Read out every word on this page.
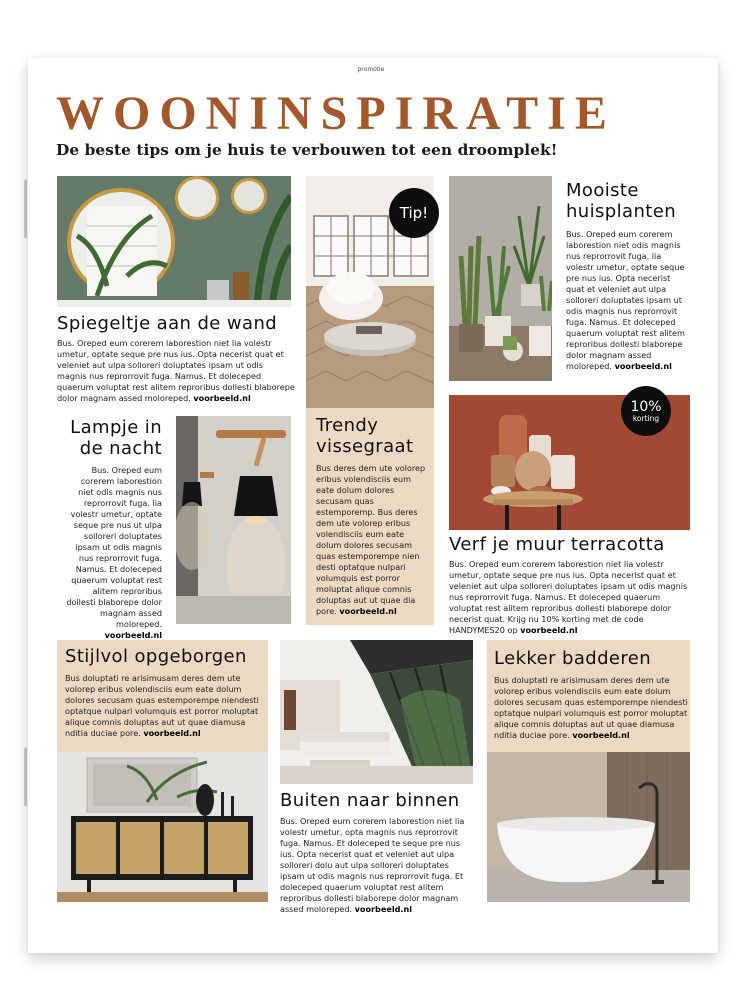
promotie
WOONINSPIRATIE
De beste tips om je huis te verbouwen tot een droomplek!
Spiegeltje aan de wand
Bus. Oreped eum corerem laborestion niet lia volestr umetur, optate seque pre nus ius. Opta necerist quat et veleniet aut ulpa solloreri doluptates ipsam ut odis magnis nus reprorrovit fuga. Namus. Et doleceped quaerum voluptat rest alitem reproribus dollesti blaborepe dolor magnam assed moloreped. voorbeeld.nl
Tip!
Mooiste
huisplanten
Bus. Oreped eum corerem laborestion niet odis magnis nus reprorrovit fuga. lia volestr umetur, optate seque pre nus ius. Opta necerist quat et veleniet aut ulpa solloreri doluptates ipsam ut odis magnis nus reprorrovit fuga. Namus. Et doleceped quaerum voluptat rest alitem reproribus dollesti blaborepe dolor magnam assed moloreped. voorbeeld.nl
Lampje in
de nacht
Bus. Oreped eum corerem laborestion niet odis magnis nus reprorrovit fuga. lia volestr umetur, optate seque pre nus ut ulpa solloreri doluptates ipsam ut odis magnis nus reprorrovit fuga. Namus. Et doleceped quaerum voluptat rest alitem reproribus dollesti blaborepe dolor magnam assed moloreped. voorbeeld.nl
Trendy
vissegraat
Bus deres dem ute volorep eribus volendisciis eum eate dolum dolores secusam quas estemporemp. Bus deres dem ute volorep eribus volendisciis eum eate dolum dolores secusam quas estemporempe nien desti optatque nulpari volumquis est porror moluptat alique comnis doluptas aut ut quae dia pore. voorbeeld.nl
10%
korting
Verf je muur terracotta
Bus. Oreped eum corerem laborestion niet lia volestr umetur, optate seque pre nus ius. Opta necerist quat et veleniet aut ulpa solloreri doluptates ipsam ut odis magnis nus reprorrovit fuga. Namus. Et doleceped quaerum voluptat rest alitem reproribus dollesti blaborepe dolor necerist quat. Krijg nu 10% korting met de code HANDYMES20 op voorbeeld.nl
Stijlvol opgeborgen
Bus doluptati re arisimusam deres dem ute volorep eribus volendisciis eum eate dolum dolores secusam quas estemporempe niendesti optatque nulpari volumquis est porror moluptat alique comnis doluptas aut ut quae diamusa nditia duciae pore. voorbeeld.nl
Buiten naar binnen
Bus. Oreped eum corerem laborestion niet lia volestr umetur, opta magnis nus reprorrovit fuga. Namus. Et doleceped te seque pre nus ius. Opta necerist quat et veleniet aut ulpa solloreri dolu aut ulpa solloreri doluptates ipsam ut odis magnis nus reprorrovit fuga. Et doleceped quaerum voluptat rest alitem reproribus dollesti blaborepe dolor magnam assed moloreped. voorbeeld.nl
Lekker badderen
Bus doluptati re arisimusam deres dem ute volorep eribus volendisciis eum eate dolum dolores secusam quas estemporempe niendesti optatque nulpari volumquis est porror moluptat alique comnis doluptas aut ut quae diamusa nditia duciae pore. voorbeeld.nl
